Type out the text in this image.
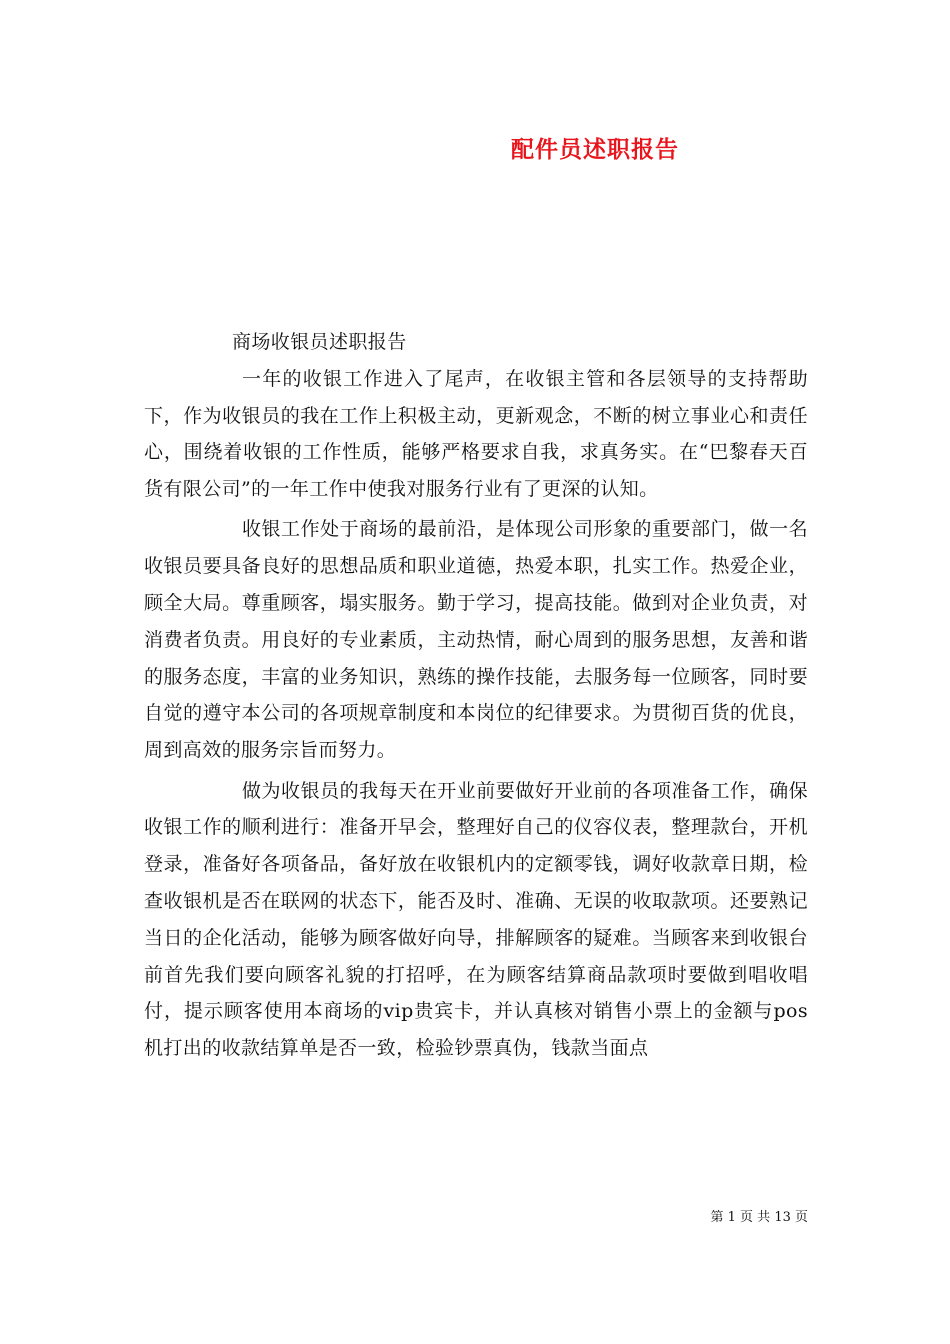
配件员述职报告

商场收银员述职报告

一年的收银工作进入了尾声，在收银主管和各层领导的支持帮助下，作为收银员的我在工作上积极主动，更新观念，不断的树立事业心和责任心，围绕着收银的工作性质，能够严格要求自我，求真务实。在“巴黎春天百货有限公司”的一年工作中使我对服务行业有了更深的认知。

收银工作处于商场的最前沿，是体现公司形象的重要部门，做一名收银员要具备良好的思想品质和职业道德，热爱本职，扎实工作。热爱企业，顾全大局。尊重顾客，塌实服务。勤于学习，提高技能。做到对企业负责，对消费者负责。用良好的专业素质，主动热情，耐心周到的服务思想，友善和谐的服务态度，丰富的业务知识，熟练的操作技能，去服务每一位顾客，同时要自觉的遵守本公司的各项规章制度和本岗位的纪律要求。为贯彻百货的优良，周到高效的服务宗旨而努力。

做为收银员的我每天在开业前要做好开业前的各项准备工作，确保收银工作的顺利进行：准备开早会，整理好自己的仪容仪表，整理款台，开机登录，准备好各项备品，备好放在收银机内的定额零钱，调好收款章日期，检查收银机是否在联网的状态下，能否及时、准确、无误的收取款项。还要熟记当日的企化活动，能够为顾客做好向导，排解顾客的疑难。当顾客来到收银台前首先我们要向顾客礼貌的打招呼，在为顾客结算商品款项时要做到唱收唱付，提示顾客使用本商场的vip贵宾卡，并认真核对销售小票上的金额与pos机打出的收款结算单是否一致，检验钞票真伪，钱款当面点

第 1 页 共 13 页
